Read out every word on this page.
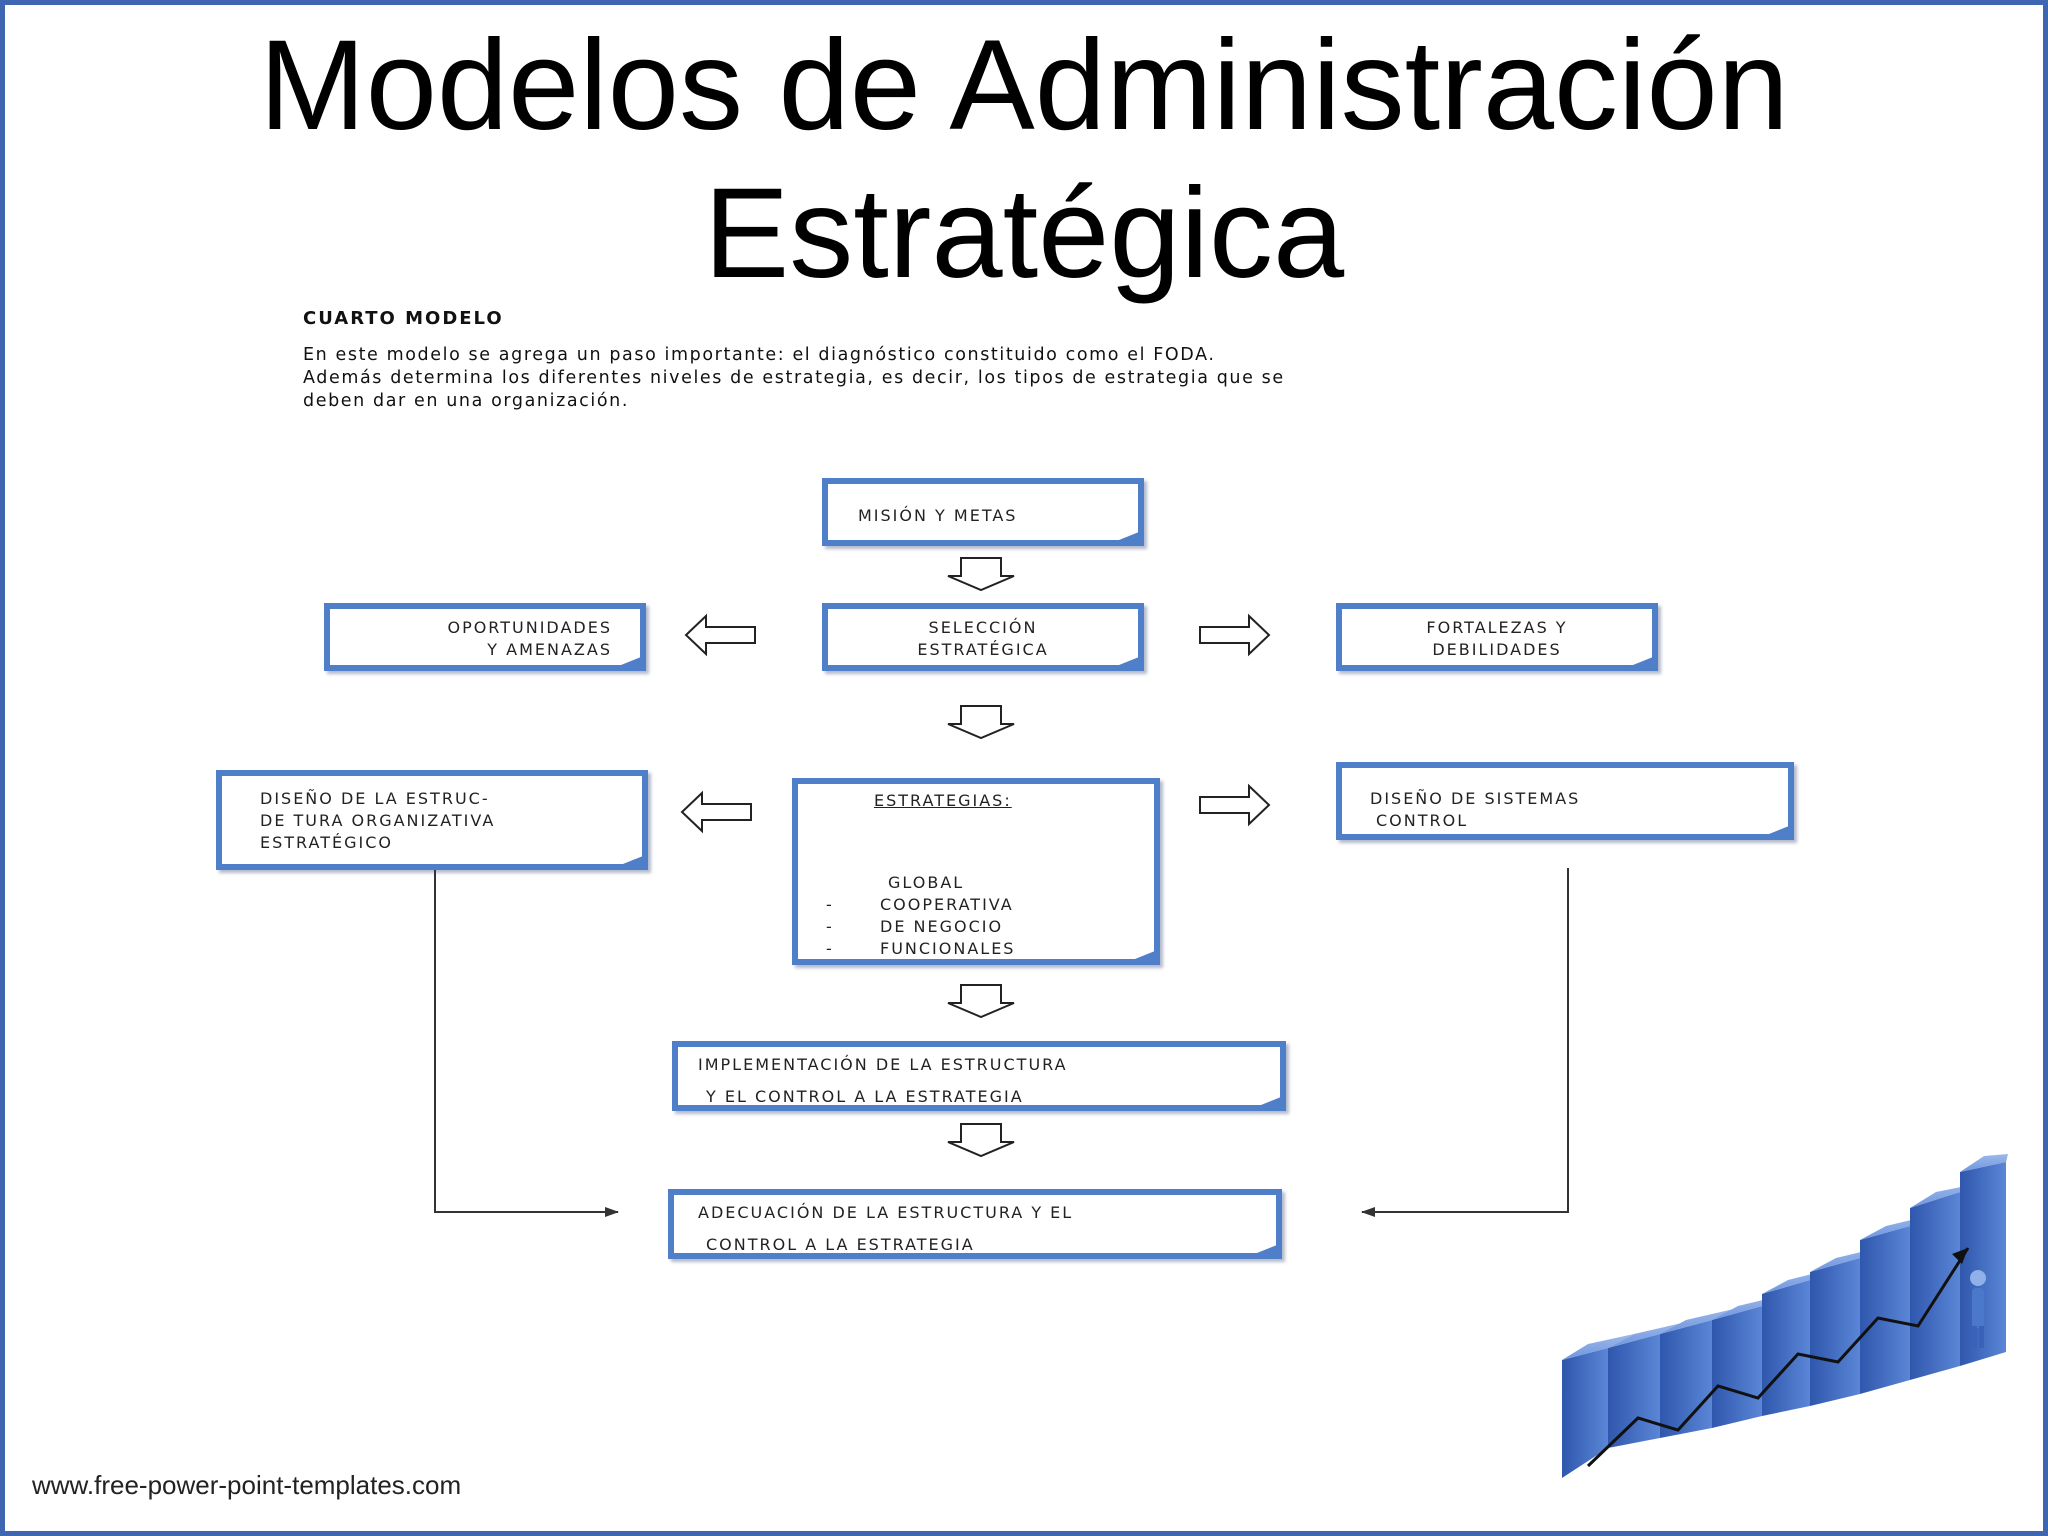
Modelos de Administración
Estratégica
CUARTO MODELO
En este modelo se agrega un paso importante: el diagnóstico constituido como el FODA.
Además determina los diferentes niveles de estrategia, es decir, los tipos de estrategia que se
deben dar en una organización.
MISIÓN Y METAS
SELECCIÓN
ESTRATÉGICA
OPORTUNIDADES
Y AMENAZAS
FORTALEZAS Y
DEBILIDADES
DISEÑO DE LA ESTRUC-
DE TURA ORGANIZATIVA
ESTRATÉGICO
ESTRATEGIAS:
GLOBAL
-	COOPERATIVA
-	DE NEGOCIO
-	FUNCIONALES
DISEÑO DE SISTEMAS
CONTROL
IMPLEMENTACIÓN DE LA ESTRUCTURA
Y EL CONTROL A LA ESTRATEGIA
ADECUACIÓN DE LA ESTRUCTURA Y EL
CONTROL A LA ESTRATEGIA
www.free-power-point-templates.com
